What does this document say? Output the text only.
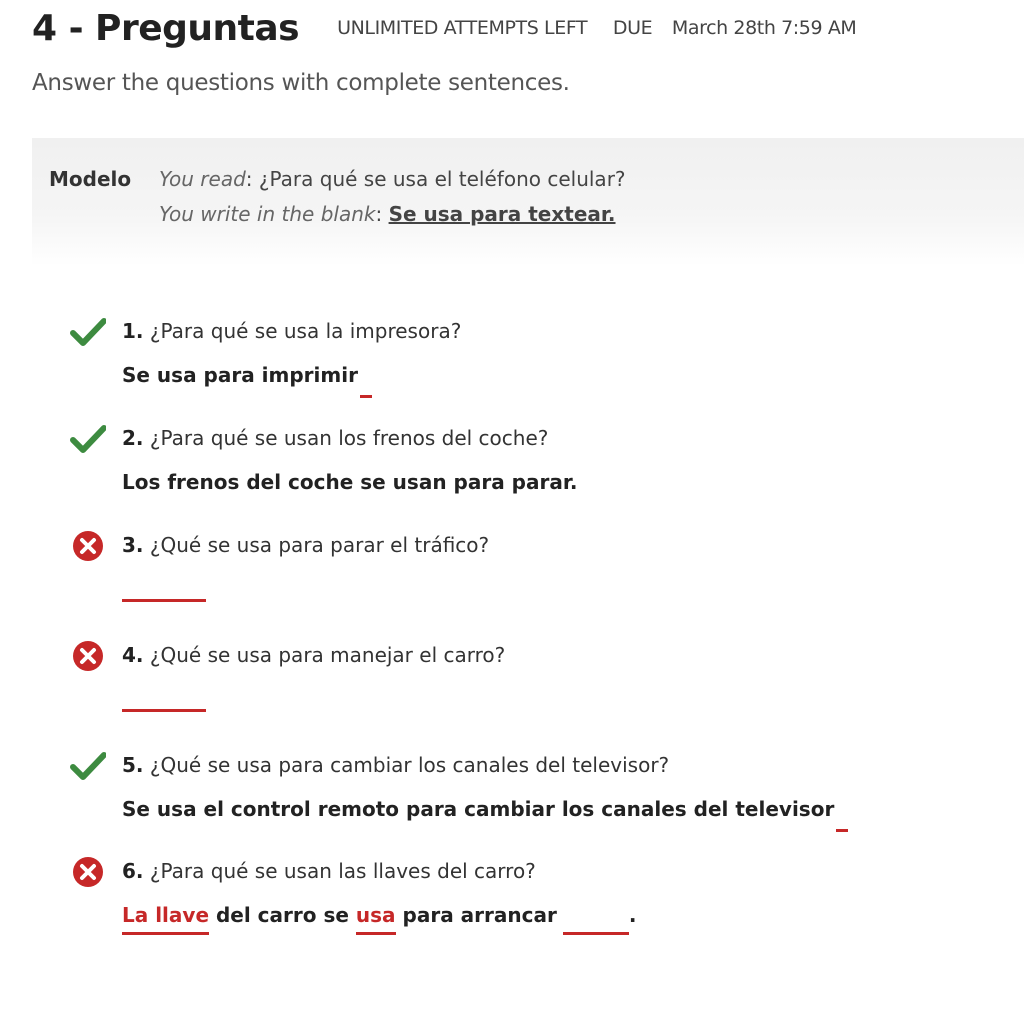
4 - Preguntas UNLIMITED ATTEMPTS LEFT DUE March 28th 7:59 AM
Answer the questions with complete sentences.
Modelo You read: ¿Para qué se usa el teléfono celular?
You write in the blank: Se usa para textear.
1. ¿Para qué se usa la impresora?
Se usa para imprimir
2. ¿Para qué se usan los frenos del coche?
Los frenos del coche se usan para parar.
3. ¿Qué se usa para parar el tráfico?
4. ¿Qué se usa para manejar el carro?
5. ¿Qué se usa para cambiar los canales del televisor?
Se usa el control remoto para cambiar los canales del televisor
6. ¿Para qué se usan las llaves del carro?
La llave del carro se usa para arrancar	.
